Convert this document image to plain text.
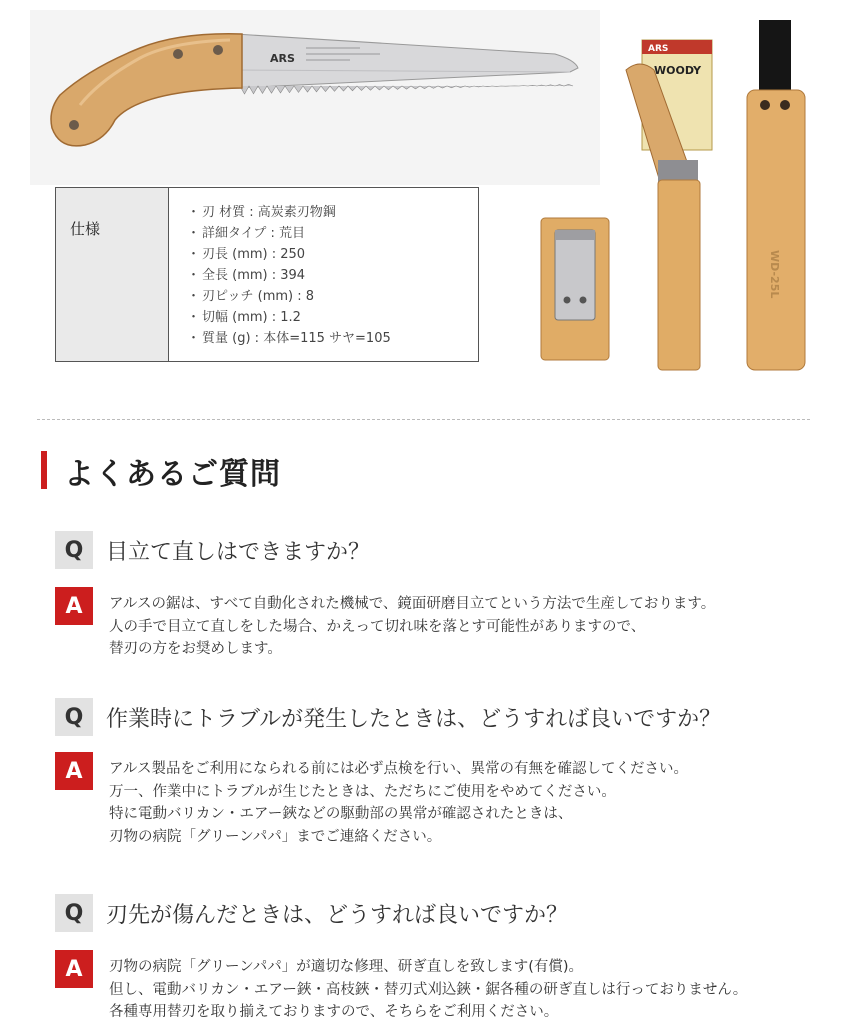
ARS
ARS
WOODY
WD-25L
仕様
・ 刃 材質 : 高炭素刃物鋼
・ 詳細タイプ : 荒目
・ 刃長 (mm) : 250
・ 全長 (mm) : 394
・ 刃ピッチ (mm) : 8
・ 切幅 (mm) : 1.2
・ 質量 (g) : 本体=115 サヤ=105
よくあるご質問
Q	目立て直しはできますか？
A	アルスの鋸は、すべて自動化された機械で、鏡面研磨目立てという方法で生産しております。
人の手で目立て直しをした場合、かえって切れ味を落とす可能性がありますので、
替刃の方をお奨めします。
Q	作業時にトラブルが発生したときは、どうすれば良いですか？
A	アルス製品をご利用になられる前には必ず点検を行い、異常の有無を確認してください。
万一、作業中にトラブルが生じたときは、ただちにご使用をやめてください。
特に電動バリカン・エアー鋏などの駆動部の異常が確認されたときは、
刃物の病院「グリーンパパ」までご連絡ください。
Q	刃先が傷んだときは、どうすれば良いですか？
A	刃物の病院「グリーンパパ」が適切な修理、研ぎ直しを致します(有償)。
但し、電動バリカン・エアー鋏・高枝鋏・替刃式刈込鋏・鋸各種の研ぎ直しは行っておりません。
各種専用替刃を取り揃えておりますので、そちらをご利用ください。
